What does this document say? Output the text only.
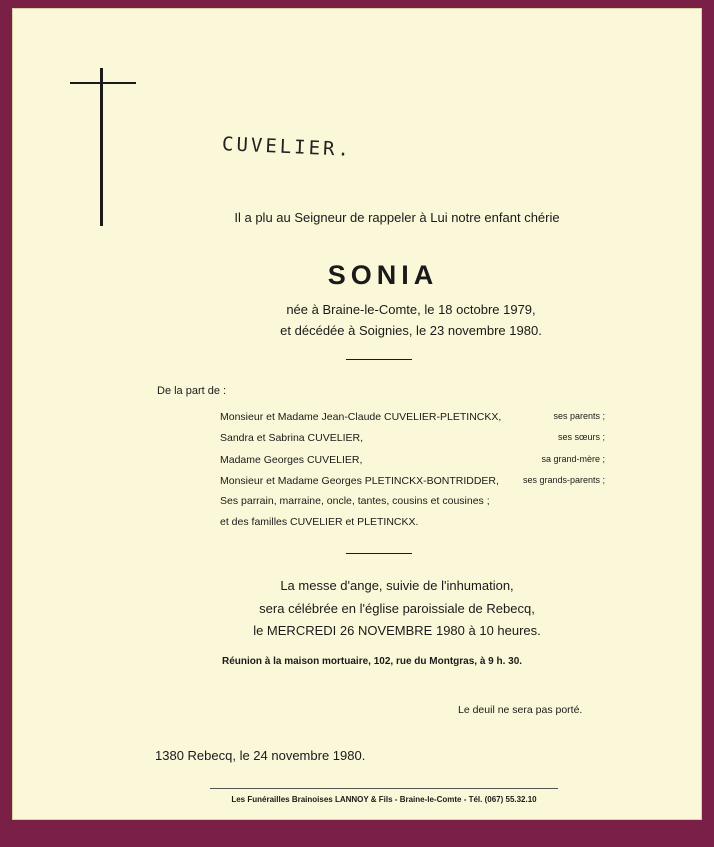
CUVELIER.
Il a plu au Seigneur de rappeler à Lui notre enfant chérie
SONIA
née à Braine-le-Comte, le 18 octobre 1979,
et décédée à Soignies, le 23 novembre 1980.
De la part de :
Monsieur et Madame Jean-Claude CUVELIER-PLETINCKX,	ses parents ;
Sandra et Sabrina CUVELIER,	ses sœurs ;
Madame Georges CUVELIER,	sa grand-mère ;
Monsieur et Madame Georges PLETINCKX-BONTRIDDER,	ses grands-parents ;
Ses parrain, marraine, oncle, tantes, cousins et cousines ;
et des familles CUVELIER et PLETINCKX.
La messe d'ange, suivie de l'inhumation,
sera célébrée en l'église paroissiale de Rebecq,
le MERCREDI 26 NOVEMBRE 1980 à 10 heures.
Réunion à la maison mortuaire, 102, rue du Montgras, à 9 h. 30.
Le deuil ne sera pas porté.
1380 Rebecq, le 24 novembre 1980.
Les Funérailles Brainoises LANNOY & Fils - Braine-le-Comte - Tél. (067) 55.32.10
